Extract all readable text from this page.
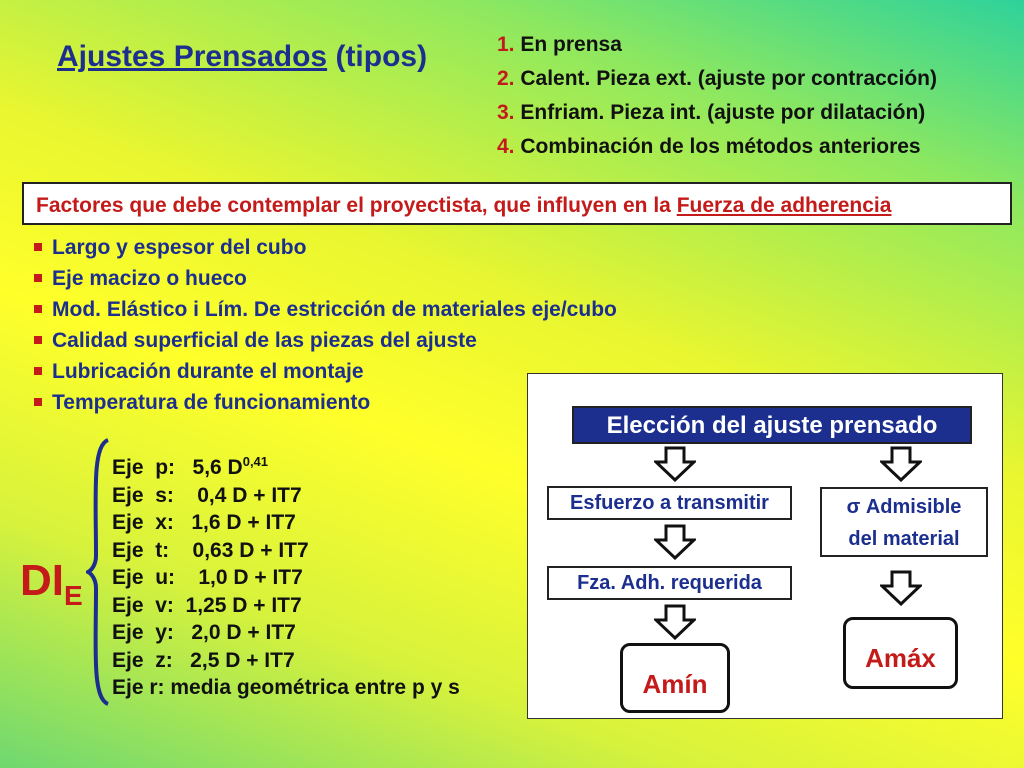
Ajustes Prensados (tipos)	1. En prensa
2. Calent. Pieza ext. (ajuste por contracción)
3. Enfriam. Pieza int. (ajuste por dilatación)
4. Combinación de los métodos anteriores
Factores que debe contemplar el proyectista, que influyen en la Fuerza de adherencia
Largo y espesor del cubo
Eje macizo o hueco
Mod. Elástico i Lím. De estricción de materiales eje/cubo
Calidad superficial de las piezas del ajuste
Lubricación durante el montaje
Temperatura de funcionamiento
Eje  p:   5,6 D$^{0,41}$
Eje  s:    0,4 D + IT7
Eje  x:   1,6 D + IT7
Eje  t:    0,63 D + IT7
Eje  u:    1,0 D + IT7
Eje  v:  1,25 D + IT7
Eje  y:   2,0 D + IT7
Eje  z:   2,5 D + IT7
Eje r: media geométrica entre p y s
$DI_E$
Elección del ajuste prensado
Esfuerzo a transmitir	σ Admisible
del material
Fza. Adh. requerida
Amín
Amáx
